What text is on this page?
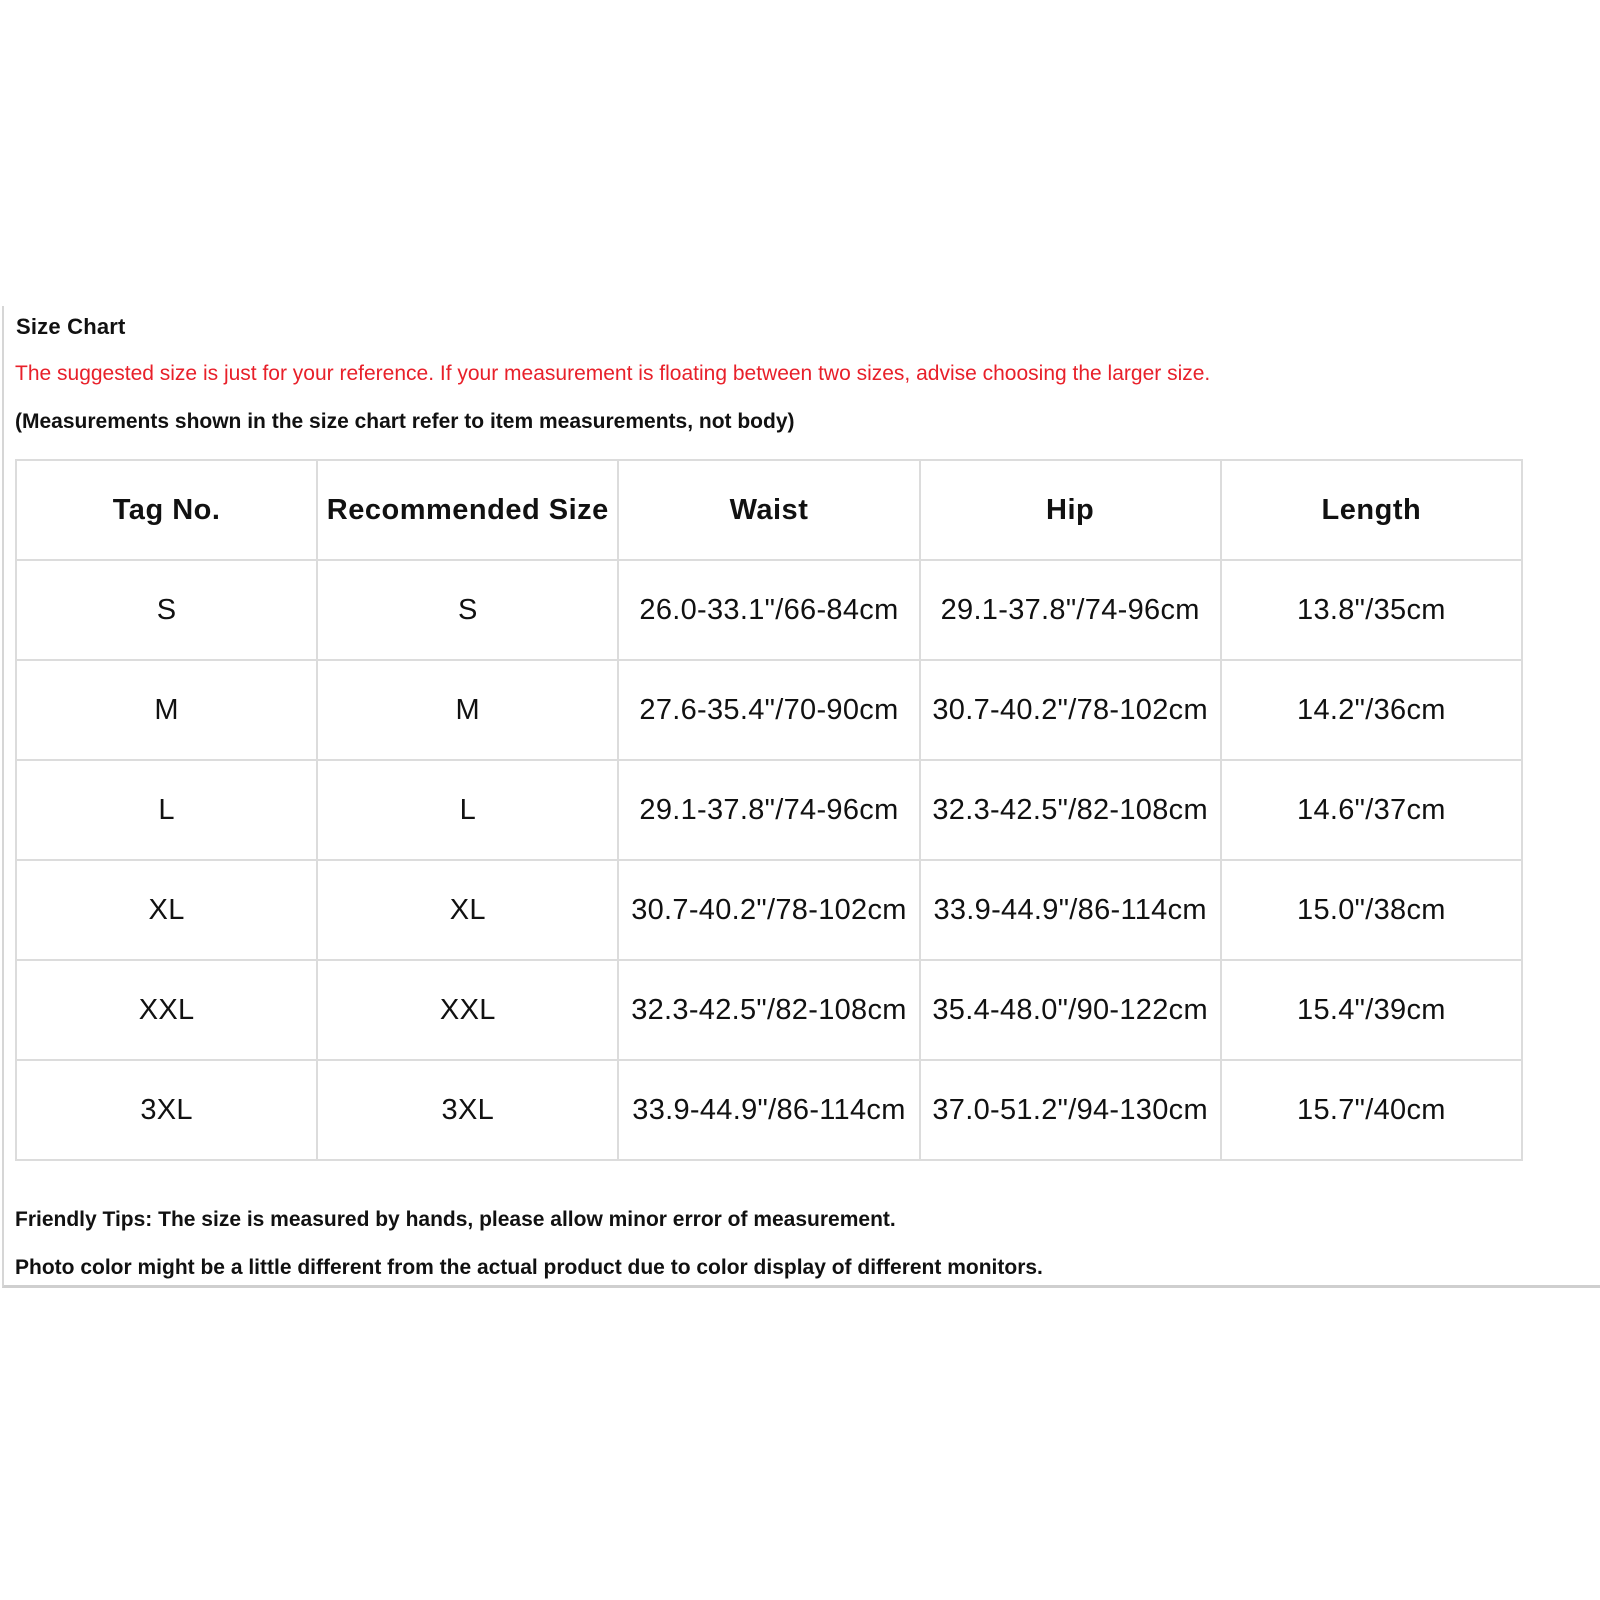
Size Chart
The suggested size is just for your reference. If your measurement is floating between two sizes, advise choosing the larger size.
(Measurements shown in the size chart refer to item measurements, not body)
Tag No.	Recommended Size	Waist	Hip	Length
S	S	26.0-33.1"/66-84cm	29.1-37.8"/74-96cm	13.8"/35cm
M	M	27.6-35.4"/70-90cm	30.7-40.2"/78-102cm	14.2"/36cm
L	L	29.1-37.8"/74-96cm	32.3-42.5"/82-108cm	14.6"/37cm
XL	XL	30.7-40.2"/78-102cm	33.9-44.9"/86-114cm	15.0"/38cm
XXL	XXL	32.3-42.5"/82-108cm	35.4-48.0"/90-122cm	15.4"/39cm
3XL	3XL	33.9-44.9"/86-114cm	37.0-51.2"/94-130cm	15.7"/40cm
Friendly Tips: The size is measured by hands, please allow minor error of measurement.
Photo color might be a little different from the actual product due to color display of different monitors.
